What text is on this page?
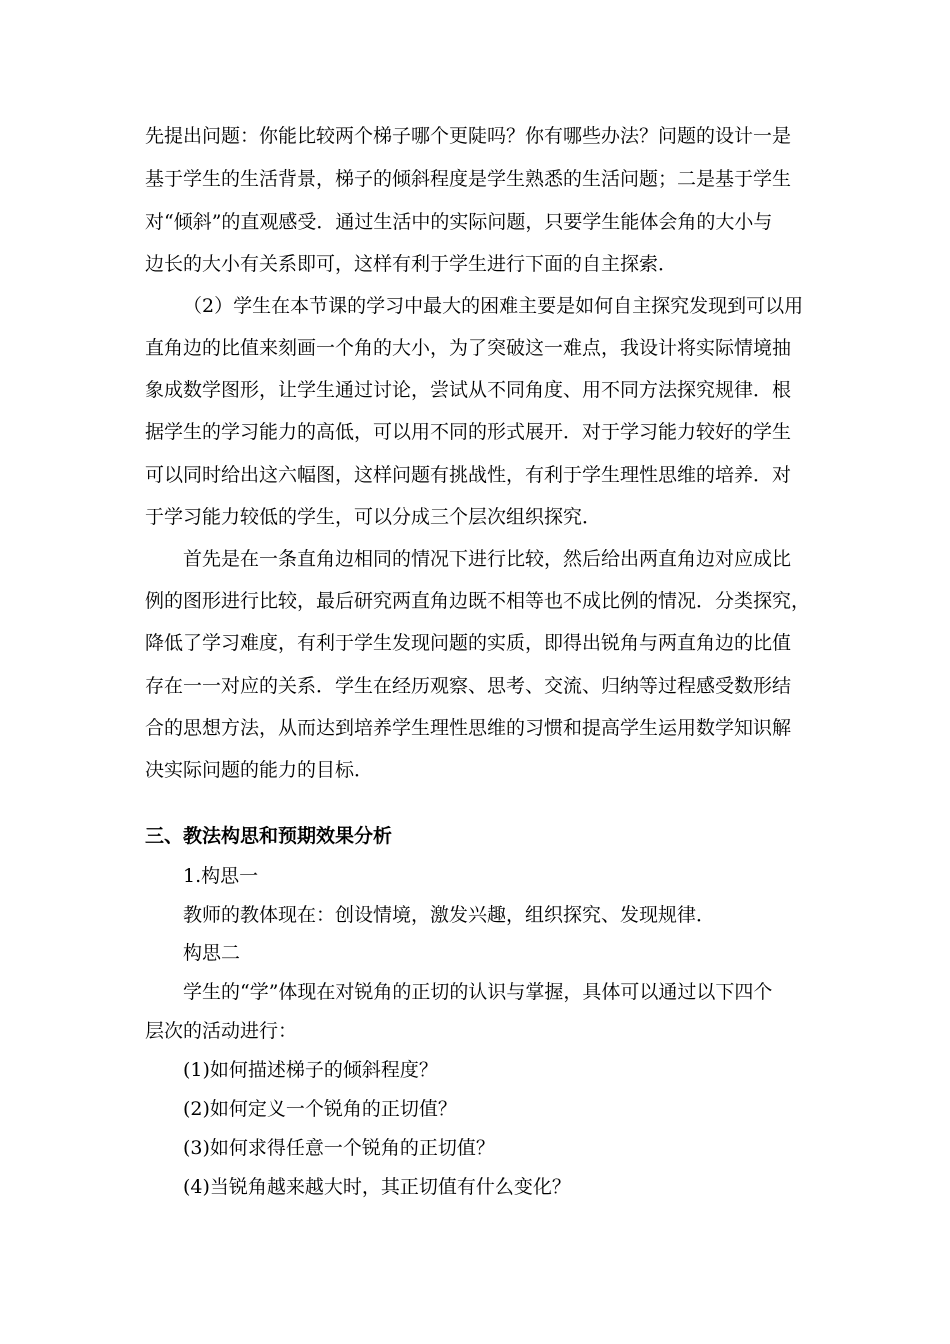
先提出问题：你能比较两个梯子哪个更陡吗？你有哪些办法？问题的设计一是
基于学生的生活背景，梯子的倾斜程度是学生熟悉的生活问题；二是基于学生
对“倾斜”的直观感受．通过生活中的实际问题，只要学生能体会角的大小与
边长的大小有关系即可，这样有利于学生进行下面的自主探索．
（2）学生在本节课的学习中最大的困难主要是如何自主探究发现到可以用
直角边的比值来刻画一个角的大小，为了突破这一难点，我设计将实际情境抽
象成数学图形，让学生通过讨论，尝试从不同角度、用不同方法探究规律．根
据学生的学习能力的高低，可以用不同的形式展开．对于学习能力较好的学生
可以同时给出这六幅图，这样问题有挑战性，有利于学生理性思维的培养．对
于学习能力较低的学生，可以分成三个层次组织探究．
首先是在一条直角边相同的情况下进行比较，然后给出两直角边对应成比
例的图形进行比较，最后研究两直角边既不相等也不成比例的情况．分类探究，
降低了学习难度，有利于学生发现问题的实质，即得出锐角与两直角边的比值
存在一一对应的关系．学生在经历观察、思考、交流、归纳等过程感受数形结
合的思想方法，从而达到培养学生理性思维的习惯和提高学生运用数学知识解
决实际问题的能力的目标．
三、教法构思和预期效果分析
1.构思一
教师的教体现在：创设情境，激发兴趣，组织探究、发现规律．
构思二
学生的“学”体现在对锐角的正切的认识与掌握，具体可以通过以下四个
层次的活动进行：
(1)如何描述梯子的倾斜程度？
(2)如何定义一个锐角的正切值？
(3)如何求得任意一个锐角的正切值？
(4)当锐角越来越大时，其正切值有什么变化？
